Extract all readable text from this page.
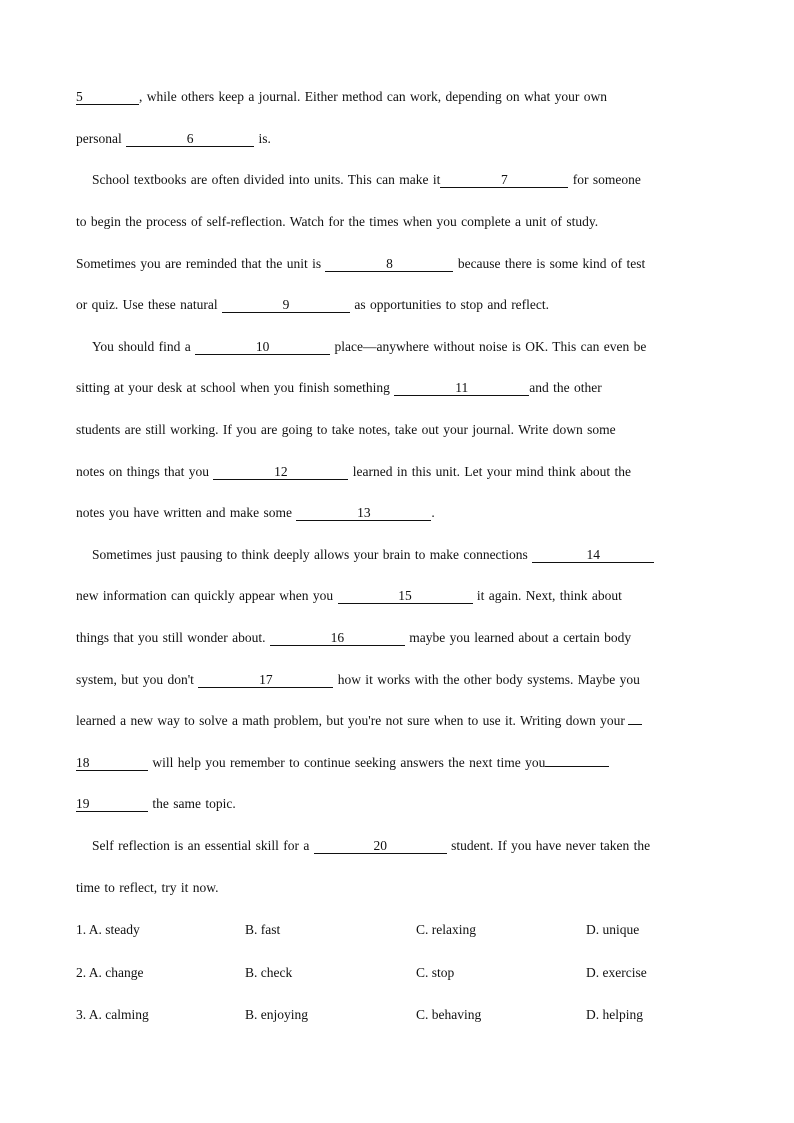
5	, while others keep a journal. Either method can work, depending on what your own
personal	6	is.
School textbooks are often divided into units. This can make it	7	for someone
to begin the process of self-reflection. Watch for the times when you complete a unit of study.
Sometimes you are reminded that the unit is	8	because there is some kind of test
or quiz. Use these natural	9	as opportunities to stop and reflect.
You should find a	10	place—anywhere without noise is OK. This can even be
sitting at your desk at school when you finish something	11	and the other
students are still working. If you are going to take notes, take out your journal. Write down some
notes on things that you	12	learned in this unit. Let your mind think about the
notes you have written and make some	13	.
Sometimes just pausing to think deeply allows your brain to make connections	14
new information can quickly appear when you	15	it again. Next, think about
things that you still wonder about.	16	maybe you learned about a certain body
system, but you don't	17	how it works with the other body systems. Maybe you
learned a new way to solve a math problem, but you're not sure when to use it. Writing down your
18	will help you remember to continue seeking answers the next time you
19	the same topic.
Self reflection is an essential skill for a	20	student. If you have never taken the
time to reflect, try it now.
1. A. steady	B. fast	C. relaxing	D. unique
2. A. change	B. check	C. stop	D. exercise
3. A. calming	B. enjoying	C. behaving	D. helping
